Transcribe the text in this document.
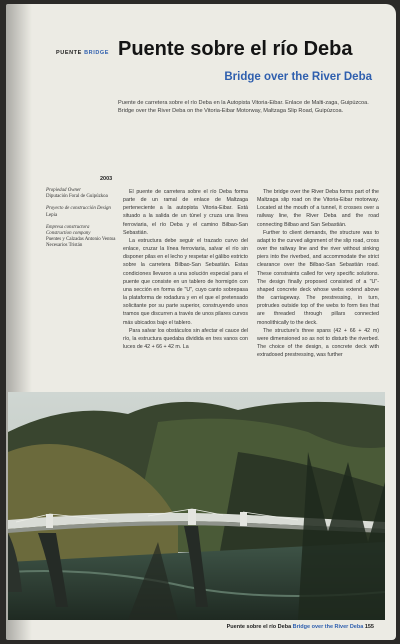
PUENTE BRIDGE Puente sobre el río Deba
Bridge over the River Deba
Puente de carretera sobre el río Deba en la Autopista Vitoria-Eibar. Enlace de Malti-zaga, Guipúzcoa. Bridge over the River Deba on the Vitoria-Eibar Motorway, Maltzaga Slip Road, Guipúzcoa.
2003
Propiedad Owner
Diputación Foral de Guipúzkoa
Proyecto de construcción Design
Lepia
Empresa constructora Construction company
Puentes y Calzadas Antonio Ventoa Necesarios Tristán

El puente de carretera sobre el río Deba forma parte de un ramal de enlace de Maltzaga perteneciente a la autopista Vitoria-Eibar. Está situado a la salida de un túnel y cruza una línea ferroviaria, el río Deba y el camino Bilbao-San Sebastián.

La estructura debe seguir el trazado curvo del enlace, cruzar la línea ferroviaria, salvar el río sin disponer pilas en el lecho y respetar el gálibo estricto sobre la carretera Bilbao-San Sebastián. Estas condiciones llevaron a una solución especial para el puente que consiste en un tablero de hormigón con una sección en forma de "U", cuyo canto sobrepasa la plataforma de rodadura y en el que el pretensado solicitante por su parte superior, construyendo unos tramos que discurren a través de unos pilares curvos más ubicados bajo el tablero.

Para salvar los obstáculos sin afectar el cauce del río, la estructura quedaba dividida en tres vanos con luces de 42 + 66 + 42 m. La

The bridge over the River Deba forms part of the Maltzaga slip road on the Vitoria-Eibar motorway. Located at the mouth of a tunnel, it crosses over a railway line, the River Deba and the road connecting Bilbao and San Sebastián.

Further to client demands, the structure was to adapt to the curved alignment of the slip road, cross over the railway line and the river without sinking piers into the riverbed, and accommodate the strict clearance over the Bilbao-San Sebastián road. These constraints called for very specific solutions. The design finally proposed consisted of a "U"-shaped concrete deck whose webs extend above the carriageway. The prestressing, in turn, protrudes outside top of the webs to form ties that are threaded through pillars connected monolithically to the deck.

The structure's three spans (42 + 66 + 42 m) were dimensioned so as not to disturb the riverbed. The choice of the design, a concrete deck with extradosed prestressing, was further

Puente sobre el río Deba Bridge over the River Deba 155
